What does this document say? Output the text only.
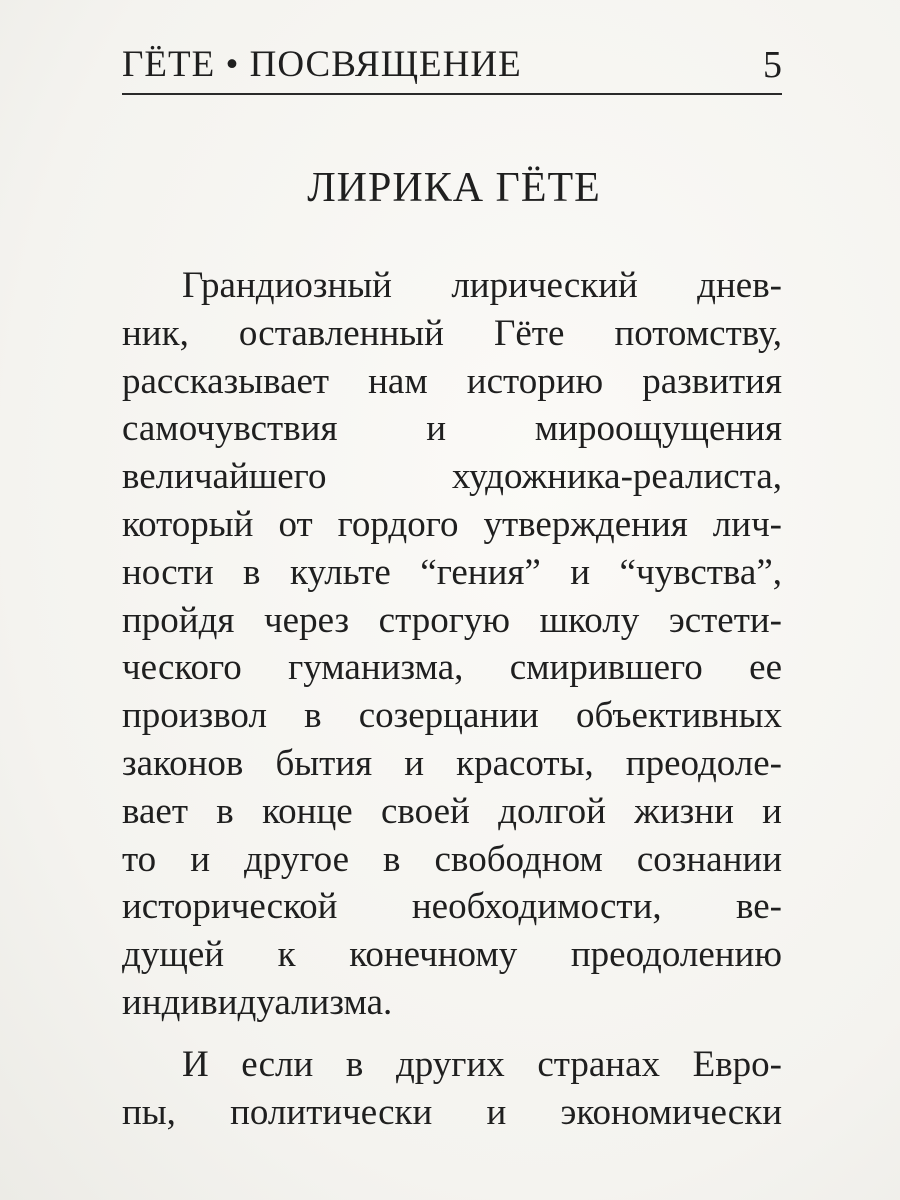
ГЁТЕ • ПОСВЯЩЕНИЕ	5
ЛИРИКА ГЁТЕ
Грандиозный лирический днев-
ник, оставленный Гёте потомству,
рассказывает нам историю развития
самочувствия и мироощущения
величайшего художника-реалиста,
который от гордого утверждения лич-
ности в культе “гения” и “чувства”,
пройдя через строгую школу эстети-
ческого гуманизма, смирившего ее
произвол в созерцании объективных
законов бытия и красоты, преодоле-
вает в конце своей долгой жизни и
то и другое в свободном сознании
исторической необходимости, ве-
дущей к конечному преодолению
индивидуализма.
И если в других странах Евро-
пы, политически и экономически
